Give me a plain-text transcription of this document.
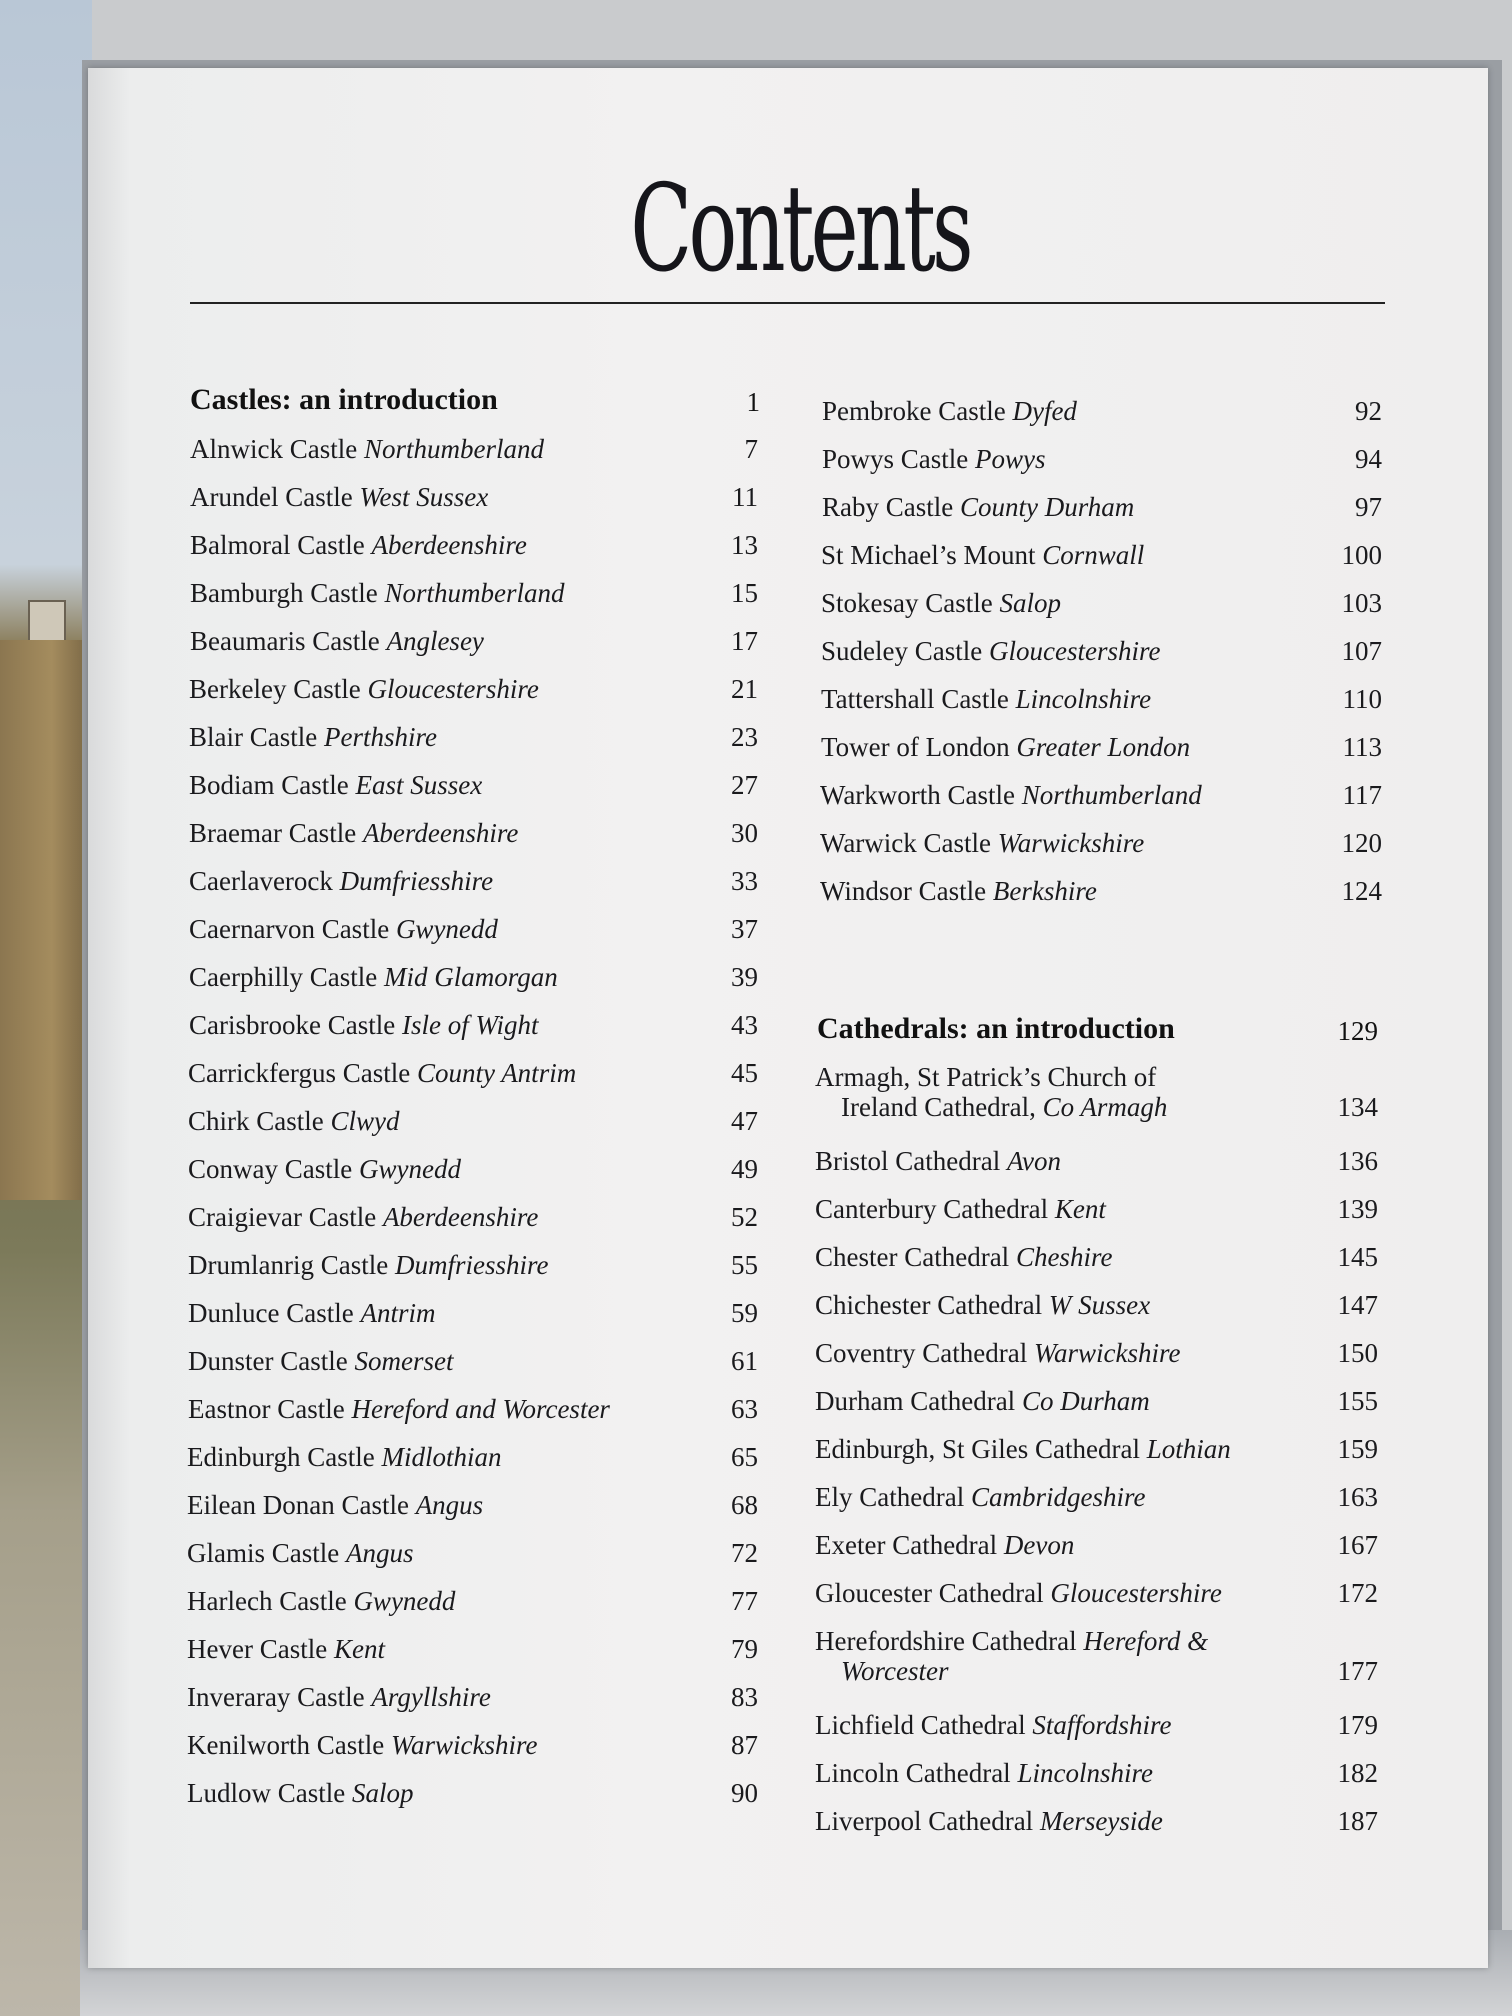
Contents
Castles: an introduction	1
Alnwick Castle Northumberland	7
Arundel Castle West Sussex	11
Balmoral Castle Aberdeenshire	13
Bamburgh Castle Northumberland	15
Beaumaris Castle Anglesey	17
Berkeley Castle Gloucestershire	21
Blair Castle Perthshire	23
Bodiam Castle East Sussex	27
Braemar Castle Aberdeenshire	30
Caerlaverock Dumfriesshire	33
Caernarvon Castle Gwynedd	37
Caerphilly Castle Mid Glamorgan	39
Carisbrooke Castle Isle of Wight	43
Carrickfergus Castle County Antrim	45
Chirk Castle Clwyd	47
Conway Castle Gwynedd	49
Craigievar Castle Aberdeenshire	52
Drumlanrig Castle Dumfriesshire	55
Dunluce Castle Antrim	59
Dunster Castle Somerset	61
Eastnor Castle Hereford and Worcester	63
Edinburgh Castle Midlothian	65
Eilean Donan Castle Angus	68
Glamis Castle Angus	72
Harlech Castle Gwynedd	77
Hever Castle Kent	79
Inveraray Castle Argyllshire	83
Kenilworth Castle Warwickshire	87
Ludlow Castle Salop	90
Pembroke Castle Dyfed	92
Powys Castle Powys	94
Raby Castle County Durham	97
St Michael’s Mount Cornwall	100
Stokesay Castle Salop	103
Sudeley Castle Gloucestershire	107
Tattershall Castle Lincolnshire	110
Tower of London Greater London	113
Warkworth Castle Northumberland	117
Warwick Castle Warwickshire	120
Windsor Castle Berkshire	124
Cathedrals: an introduction	129
Armagh, St Patrick’s Church of
Ireland Cathedral, Co Armagh	134
Bristol Cathedral Avon	136
Canterbury Cathedral Kent	139
Chester Cathedral Cheshire	145
Chichester Cathedral W Sussex	147
Coventry Cathedral Warwickshire	150
Durham Cathedral Co Durham	155
Edinburgh, St Giles Cathedral Lothian	159
Ely Cathedral Cambridgeshire	163
Exeter Cathedral Devon	167
Gloucester Cathedral Gloucestershire	172
Herefordshire Cathedral Hereford &
Worcester	177
Lichfield Cathedral Staffordshire	179
Lincoln Cathedral Lincolnshire	182
Liverpool Cathedral Merseyside	187
